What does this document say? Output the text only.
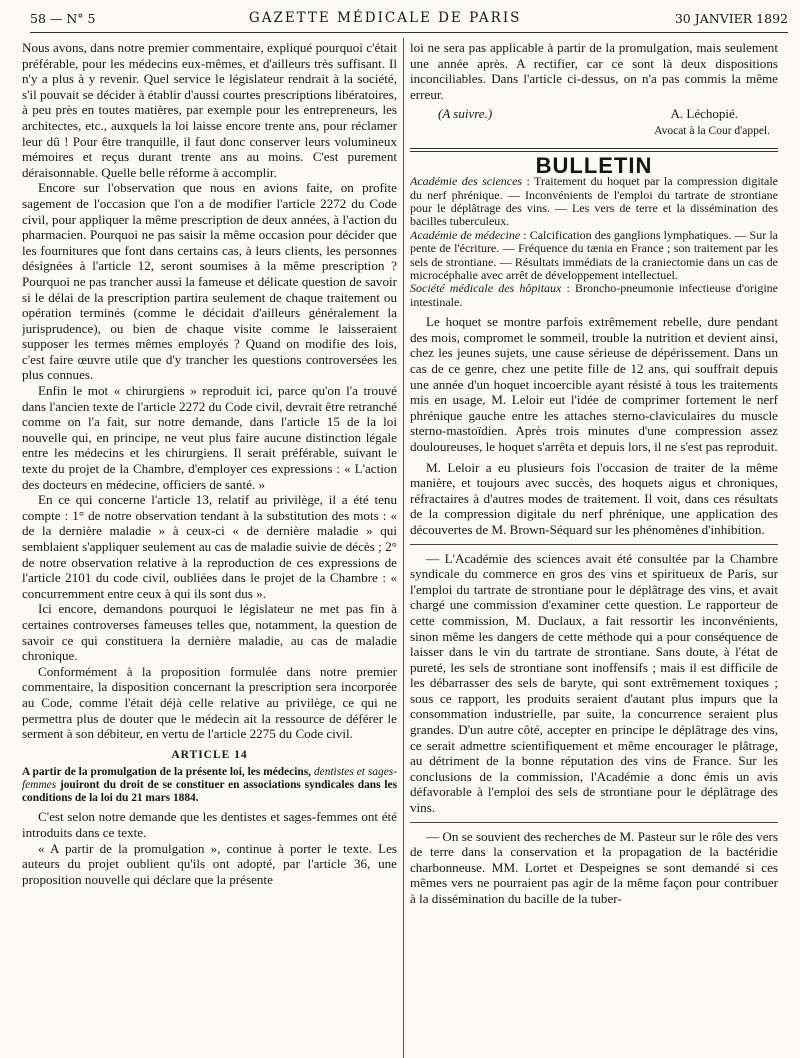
58 — N° 5	GAZETTE MÉDICALE DE PARIS	30 JANVIER 1892

Nous avons, dans notre premier commentaire, expliqué pourquoi c'était préférable, pour les médecins eux-mêmes, et d'ailleurs très suffisant. Il n'y a plus à y revenir. Quel service le législateur rendrait à la société, s'il pouvait se décider à établir d'aussi courtes prescriptions libératoires, à peu près en toutes matières, par exemple pour les entrepreneurs, les architectes, etc., auxquels la loi laisse encore trente ans, pour réclamer leur dû ! Pour être tranquille, il faut donc conserver leurs volumineux mémoires et reçus durant trente ans au moins. C'est purement déraisonnable. Quelle belle réforme à accomplir.

Encore sur l'observation que nous en avions faite, on profite sagement de l'occasion que l'on a de modifier l'article 2272 du Code civil, pour appliquer la même prescription de deux années, à l'action du pharmacien. Pourquoi ne pas saisir la même occasion pour décider que les fournitures que font dans certains cas, à leurs clients, les personnes désignées à l'article 12, seront soumises à la même prescription ? Pourquoi ne pas trancher aussi la fameuse et délicate question de savoir si le délai de la prescription partira seulement de chaque traitement ou opération terminés (comme le décidait d'ailleurs généralement la jurisprudence), ou bien de chaque visite comme le laisseraient supposer les termes mêmes employés ? Quand on modifie des lois, c'est faire œuvre utile que d'y trancher les questions controversées les plus connues.

Enfin le mot « chirurgiens » reproduit ici, parce qu'on l'a trouvé dans l'ancien texte de l'article 2272 du Code civil, devrait être retranché comme on l'a fait, sur notre demande, dans l'article 15 de la loi nouvelle qui, en principe, ne veut plus faire aucune distinction légale entre les médecins et les chirurgiens. Il serait préférable, suivant le texte du projet de la Chambre, d'employer ces expressions : « L'action des docteurs en médecine, officiers de santé. »

En ce qui concerne l'article 13, relatif au privilège, il a été tenu compte : 1° de notre observation tendant à la substitution des mots : « de la dernière maladie » à ceux-ci « de dernière maladie » qui semblaient s'appliquer seulement au cas de maladie suivie de décès ; 2° de notre observation relative à la reproduction de ces expressions de l'article 2101 du code civil, oubliées dans le projet de la Chambre : « concurremment entre ceux à qui ils sont dus ».

Ici encore, demandons pourquoi le législateur ne met pas fin à certaines controverses fameuses telles que, notamment, la question de savoir ce qui constituera la dernière maladie, au cas de maladie chronique.

Conformément à la proposition formulée dans notre premier commentaire, la disposition concernant la prescription sera incorporée au Code, comme l'était déjà celle relative au privilège, ce qui ne permettra plus de douter que le médecin ait la ressource de déférer le serment à son débiteur, en vertu de l'article 2275 du Code civil.

ARTICLE 14

A partir de la promulgation de la présente loi, les médecins, dentistes et sages-femmes jouiront du droit de se constituer en associations syndicales dans les conditions de la loi du 21 mars 1884.

C'est selon notre demande que les dentistes et sages-femmes ont été introduits dans ce texte.

« A partir de la promulgation », continue à porter le texte. Les auteurs du projet oublient qu'ils ont adopté, par l'article 36, une proposition nouvelle qui déclare que la présente

loi ne sera pas applicable à partir de la promulgation, mais seulement une année après. A rectifier, car ce sont là deux dispositions inconciliables. Dans l'article ci-dessus, on n'a pas commis la même erreur.

(A suivre.)	A. Léchopié.
Avocat à la Cour d'appel.
BULLETIN

Académie des sciences : Traitement du hoquet par la compression digitale du nerf phrénique. — Inconvénients de l'emploi du tartrate de strontiane pour le déplâtrage des vins. — Les vers de terre et la dissémination des bacilles tuberculeux.

Académie de médecine : Calcification des ganglions lymphatiques. — Sur la pente de l'écriture. — Fréquence du tænia en France ; son traitement par les sels de strontiane. — Résultats immédiats de la craniectomie dans un cas de microcéphalie avec arrêt de développement intellectuel.

Société médicale des hôpitaux : Broncho-pneumonie infectieuse d'origine intestinale.

Le hoquet se montre parfois extrêmement rebelle, dure pendant des mois, compromet le sommeil, trouble la nutrition et devient ainsi, chez les jeunes sujets, une cause sérieuse de dépérissement. Dans un cas de ce genre, chez une petite fille de 12 ans, qui souffrait depuis une année d'un hoquet incoercible ayant résisté à tous les traitements mis en usage, M. Leloir eut l'idée de comprimer fortement le nerf phrénique gauche entre les attaches sterno-claviculaires du muscle sterno-mastoïdien. Après trois minutes d'une compression assez douloureuses, le hoquet s'arrêta et depuis lors, il ne s'est pas reproduit.

M. Leloir a eu plusieurs fois l'occasion de traiter de la même manière, et toujours avec succès, des hoquets aigus et chroniques, réfractaires à d'autres modes de traitement. Il voit, dans ces résultats de la compression digitale du nerf phrénique, une application des découvertes de M. Brown-Séquard sur les phénomènes d'inhibition.

— L'Académie des sciences avait été consultée par la Chambre syndicale du commerce en gros des vins et spiritueux de Paris, sur l'emploi du tartrate de strontiane pour le déplâtrage des vins, et avait chargé une commission d'examiner cette question. Le rapporteur de cette commission, M. Duclaux, a fait ressortir les inconvénients, sinon même les dangers de cette méthode qui a pour conséquence de laisser dans le vin du tartrate de strontiane. Sans doute, à l'état de pureté, les sels de strontiane sont inoffensifs ; mais il est difficile de les débarrasser des sels de baryte, qui sont extrêmement toxiques ; sous ce rapport, les produits seraient d'autant plus impurs que la consommation industrielle, par suite, la concurrence seraient plus grandes. D'un autre côté, accepter en principe le déplâtrage des vins, ce serait admettre scientifiquement et même encourager le plâtrage, au détriment de la bonne réputation des vins de France. Sur les conclusions de la commission, l'Académie a donc émis un avis défavorable à l'emploi des sels de strontiane pour le déplâtrage des vins.

— On se souvient des recherches de M. Pasteur sur le rôle des vers de terre dans la conservation et la propagation de la bactéridie charbonneuse. MM. Lortet et Despeignes se sont demandé si ces mêmes vers ne pourraient pas agir de la même façon pour contribuer à la dissémination du bacille de la tuber-
